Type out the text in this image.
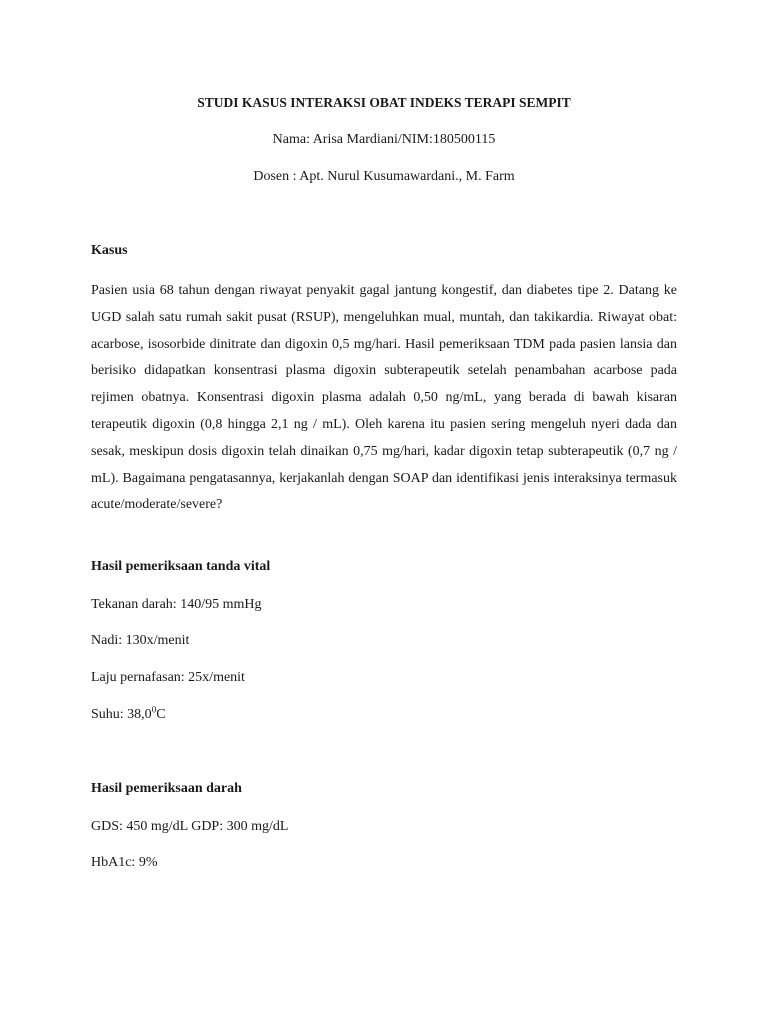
STUDI KASUS INTERAKSI OBAT INDEKS TERAPI SEMPIT
Nama: Arisa Mardiani/NIM:180500115
Dosen : Apt. Nurul Kusumawardani., M. Farm
Kasus
Pasien usia 68 tahun dengan riwayat penyakit gagal jantung kongestif, dan diabetes tipe 2. Datang ke UGD salah satu rumah sakit pusat (RSUP), mengeluhkan mual, muntah, dan takikardia. Riwayat obat: acarbose, isosorbide dinitrate dan digoxin 0,5 mg/hari. Hasil pemeriksaan TDM pada pasien lansia dan berisiko didapatkan konsentrasi plasma digoxin subterapeutik setelah penambahan acarbose pada rejimen obatnya. Konsentrasi digoxin plasma adalah 0,50 ng/mL, yang berada di bawah kisaran terapeutik digoxin (0,8 hingga 2,1 ng / mL). Oleh karena itu pasien sering mengeluh nyeri dada dan sesak, meskipun dosis digoxin telah dinaikan 0,75 mg/hari, kadar digoxin tetap subterapeutik (0,7 ng / mL). Bagaimana pengatasannya, kerjakanlah dengan SOAP dan identifikasi jenis interaksinya termasuk acute/moderate/severe?
Hasil pemeriksaan tanda vital
Tekanan darah: 140/95 mmHg
Nadi: 130x/menit
Laju pernafasan: 25x/menit
Suhu: 38,0$^0$C
Hasil pemeriksaan darah
GDS: 450 mg/dL GDP: 300 mg/dL
HbA1c: 9%
